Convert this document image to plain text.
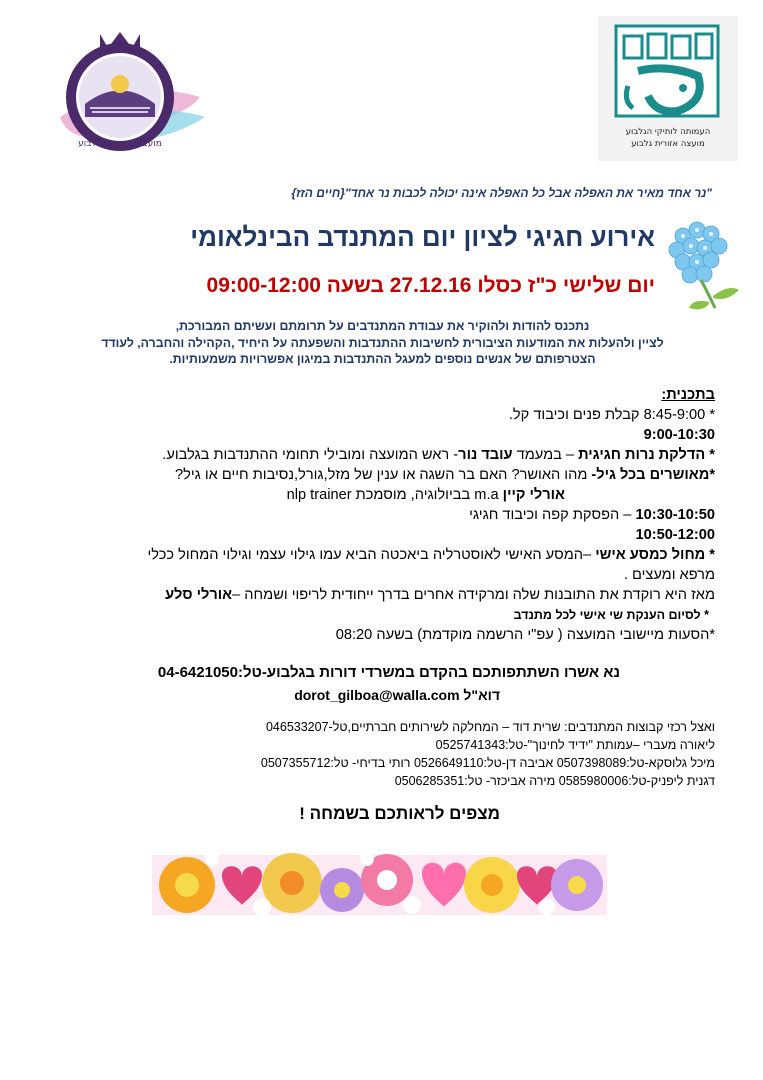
מועצה אזורית הגלבוע
העמותה לותיקי הגלבוע
מועצה אזורית גלבוע
"נר אחד מאיר את האפלה אבל כל האפלה אינה יכולה לכבות נר אחד"{חיים הזז}
אירוע חגיגי לציון יום המתנדב הבינלאומי
יום שלישי כ"ז כסלו 27.12.16 בשעה 09:00-12:00
נתכנס להודות ולהוקיר את עבודת המתנדבים על תרומתם ועשיתם המבורכת,
לציין ולהעלות את המודעות הציבורית לחשיבות ההתנדבות והשפעתה על היחיד ,הקהילה והחברה, לעודד
הצטרפותם של אנשים נוספים למעגל ההתנדבות במיגון אפשרויות משמעותיות.
בתכנית:
* 8:45-9:00 קבלת פנים וכיבוד קל.
9:00-10:30
* הדלקת נרות חגיגית – במעמד עובד נור- ראש המועצה ומובילי תחומי ההתנדבות בגלבוע.
*מאושרים בכל גיל- מהו האושר? האם בר השגה או ענין של מזל,גורל,נסיבות חיים או גיל?
אורלי קיין m.a בביולוגיה, מוסמכת nlp trainer
10:30-10:50 – הפסקת קפה וכיבוד חגיגי
10:50-12:00
* מחול כמסע אישי –המסע האישי לאוסטרליה ביאכטה הביא עמו גילוי עצמי וגילוי המחול ככלי
מרפא ומעצים .
מאז היא רוקדת את התובנות שלה ומרקידה אחרים בדרך ייחודית לריפוי ושמחה –אורלי סלע
* לסיום הענקת שי אישי לכל מתנדב
*הסעות מיישובי המועצה ( עפ"י הרשמה מוקדמת) בשעה 08:20
נא אשרו השתתפותכם בהקדם במשרדי דורות בגלבוע-טל:04-6421050
דוא"ל dorot_gilboa@walla.com
ואצל רכזי קבוצות המתנדבים: שרית דוד – המחלקה לשירותים חברתיים,טל-046533207
ליאורה מעברי –עמותת "ידיד לחינוך"-טל:0525741343
מיכל גלוסקא-טל:0507398089 אביבה דן-טל:0526649110 רותי בדיחי- טל:0507355712
דגנית ליפניק-טל:0585980006 מירה אביכזר- טל:0506285351
מצפים לראותכם בשמחה !
